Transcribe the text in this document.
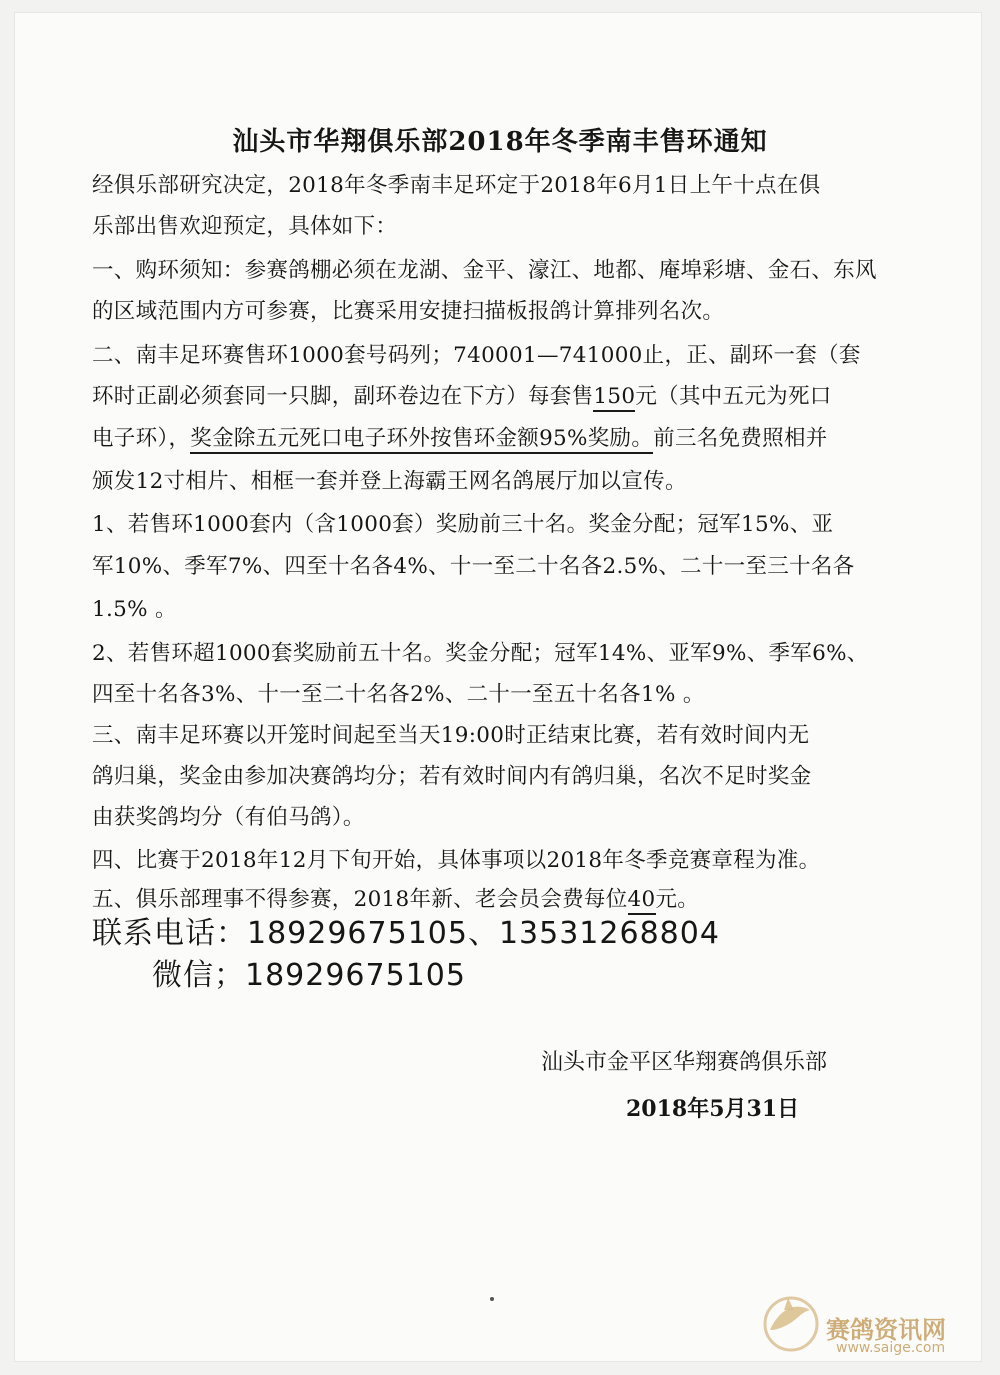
汕头市华翔俱乐部2018年冬季南丰售环通知
经俱乐部研究决定，2018年冬季南丰足环定于2018年6月1日上午十点在俱
乐部出售欢迎预定，具体如下：
一、购环须知：参赛鸽棚必须在龙湖、金平、濠江、地都、庵埠彩塘、金石、东风
的区域范围内方可参赛，比赛采用安捷扫描板报鸽计算排列名次。
二、南丰足环赛售环1000套号码列；740001—741000止，正、副环一套（套
环时正副必须套同一只脚，副环卷边在下方）每套售150元（其中五元为死口
电子环），奖金除五元死口电子环外按售环金额95%奖励。前三名免费照相并
颁发12寸相片、相框一套并登上海霸王网名鸽展厅加以宣传。
1、若售环1000套内（含1000套）奖励前三十名。奖金分配；冠军15%、亚
军10%、季军7%、四至十名各4%、十一至二十名各2.5%、二十一至三十名各
1.5% 。
2、若售环超1000套奖励前五十名。奖金分配；冠军14%、亚军9%、季军6%、
四至十名各3%、十一至二十名各2%、二十一至五十名各1% 。
三、南丰足环赛以开笼时间起至当天19:00时正结束比赛，若有效时间内无
鸽归巢，奖金由参加决赛鸽均分；若有效时间内有鸽归巢，名次不足时奖金
由获奖鸽均分（有伯马鸽）。
四、比赛于2018年12月下旬开始，具体事项以2018年冬季竞赛章程为准。
五、俱乐部理事不得参赛，2018年新、老会员会费每位40元。
联系电话：18929675105、13531268804
微信；18929675105
汕头市金平区华翔赛鸽俱乐部
2018年5月31日
赛鸽资讯网
www.saige.com
